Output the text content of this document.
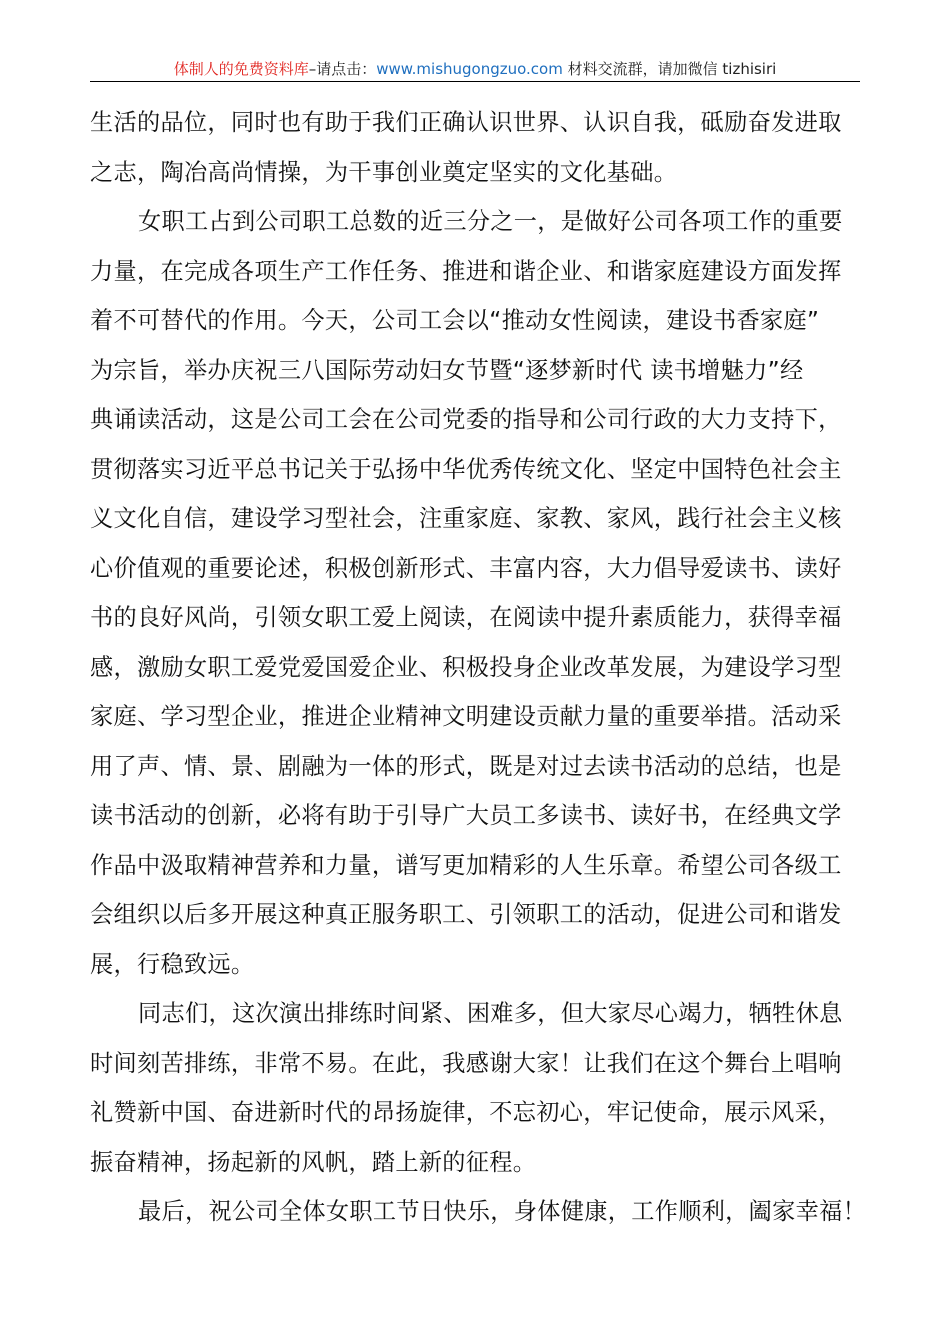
体制人的免费资料库–请点击：www.mishugongzuo.com 材料交流群，请加微信 tizhisiri
生活的品位，同时也有助于我们正确认识世界、认识自我，砥励奋发进取
之志，陶冶高尚情操，为干事创业奠定坚实的文化基础。
女职工占到公司职工总数的近三分之一，是做好公司各项工作的重要
力量，在完成各项生产工作任务、推进和谐企业、和谐家庭建设方面发挥
着不可替代的作用。今天，公司工会以“推动女性阅读，建设书香家庭”
为宗旨，举办庆祝三八国际劳动妇女节暨“逐梦新时代 读书增魅力”经
典诵读活动，这是公司工会在公司党委的指导和公司行政的大力支持下，
贯彻落实习近平总书记关于弘扬中华优秀传统文化、坚定中国特色社会主
义文化自信，建设学习型社会，注重家庭、家教、家风，践行社会主义核
心价值观的重要论述，积极创新形式、丰富内容，大力倡导爱读书、读好
书的良好风尚，引领女职工爱上阅读，在阅读中提升素质能力，获得幸福
感，激励女职工爱党爱国爱企业、积极投身企业改革发展，为建设学习型
家庭、学习型企业，推进企业精神文明建设贡献力量的重要举措。活动采
用了声、情、景、剧融为一体的形式，既是对过去读书活动的总结，也是
读书活动的创新，必将有助于引导广大员工多读书、读好书，在经典文学
作品中汲取精神营养和力量，谱写更加精彩的人生乐章。希望公司各级工
会组织以后多开展这种真正服务职工、引领职工的活动，促进公司和谐发
展，行稳致远。
同志们，这次演出排练时间紧、困难多，但大家尽心竭力，牺牲休息
时间刻苦排练，非常不易。在此，我感谢大家！让我们在这个舞台上唱响
礼赞新中国、奋进新时代的昂扬旋律，不忘初心，牢记使命，展示风采，
振奋精神，扬起新的风帆，踏上新的征程。
最后，祝公司全体女职工节日快乐，身体健康，工作顺利，阖家幸福！
